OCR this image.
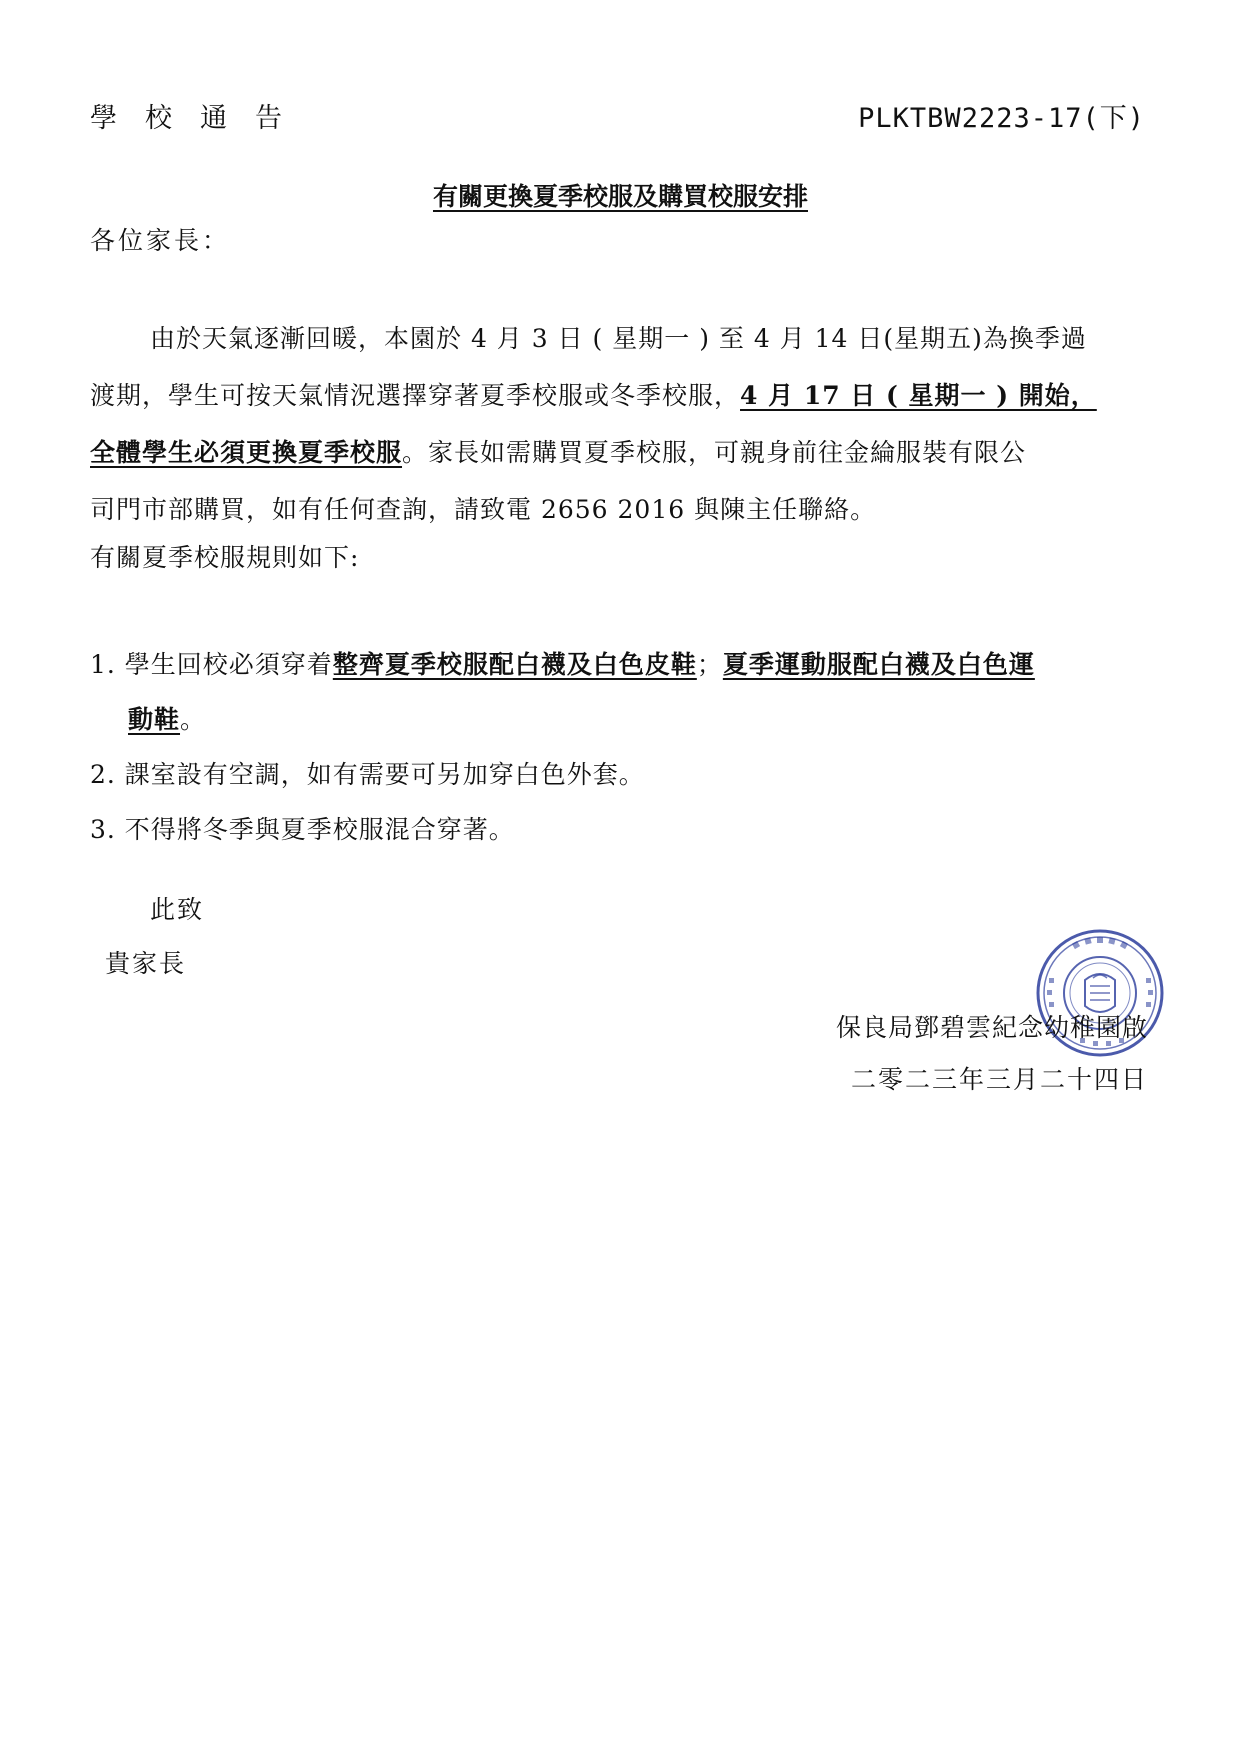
學校通告	PLKTBW2223-17(下)
有關更換夏季校服及購買校服安排
各位家長：
由於天氣逐漸回暖，本園於 4 月 3 日 ( 星期一 ) 至 4 月 14 日(星期五)為換季過
渡期，學生可按天氣情況選擇穿著夏季校服或冬季校服，4 月 17 日 ( 星期一 ) 開始，
全體學生必須更換夏季校服。家長如需購買夏季校服，可親身前往金綸服裝有限公
司門市部購買，如有任何查詢，請致電 2656 2016 與陳主任聯絡。
有關夏季校服規則如下:
1. 學生回校必須穿着整齊夏季校服配白襪及白色皮鞋；夏季運動服配白襪及白色運
動鞋。
2. 課室設有空調，如有需要可另加穿白色外套。
3. 不得將冬季與夏季校服混合穿著。
此致
貴家長
保良局鄧碧雲紀念幼稚園啟
二零二三年三月二十四日
